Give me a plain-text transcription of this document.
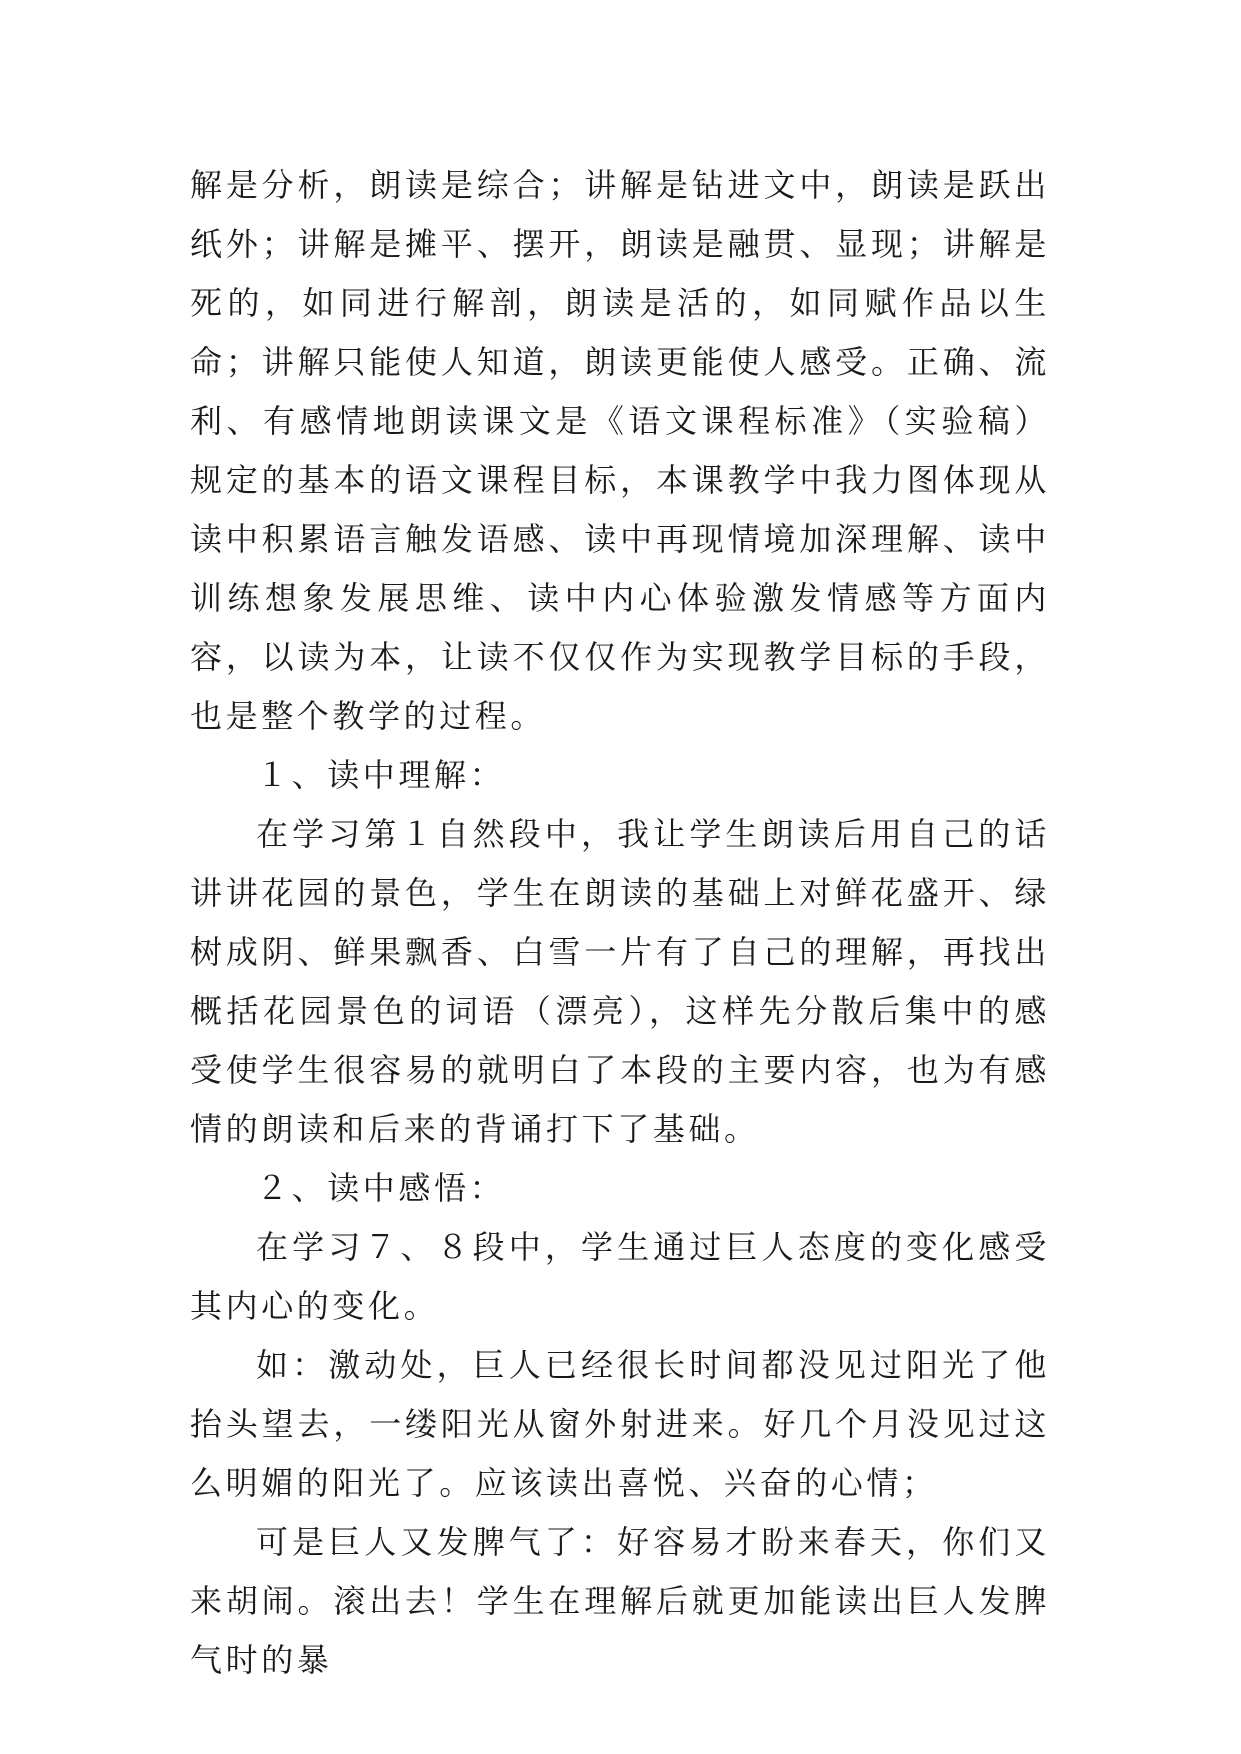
解是分析，朗读是综合；讲解是钻进文中，朗读是跃出纸外；讲解是摊平、摆开，朗读是融贯、显现；讲解是死的，如同进行解剖，朗读是活的，如同赋作品以生命；讲解只能使人知道，朗读更能使人感受。正确、流利、有感情地朗读课文是《语文课程标准》（实验稿）规定的基本的语文课程目标，本课教学中我力图体现从读中积累语言触发语感、读中再现情境加深理解、读中训练想象发展思维、读中内心体验激发情感等方面内容，以读为本，让读不仅仅作为实现教学目标的手段，也是整个教学的过程。

１、读中理解：

在学习第１自然段中，我让学生朗读后用自己的话讲讲花园的景色，学生在朗读的基础上对鲜花盛开、绿树成阴、鲜果飘香、白雪一片有了自己的理解，再找出概括花园景色的词语（漂亮），这样先分散后集中的感受使学生很容易的就明白了本段的主要内容，也为有感情的朗读和后来的背诵打下了基础。

２、读中感悟：

在学习７、８段中，学生通过巨人态度的变化感受其内心的变化。

如：激动处，巨人已经很长时间都没见过阳光了他抬头望去，一缕阳光从窗外射进来。好几个月没见过这么明媚的阳光了。应该读出喜悦、兴奋的心情；

可是巨人又发脾气了：好容易才盼来春天，你们又来胡闹。滚出去！学生在理解后就更加能读出巨人发脾气时的暴
